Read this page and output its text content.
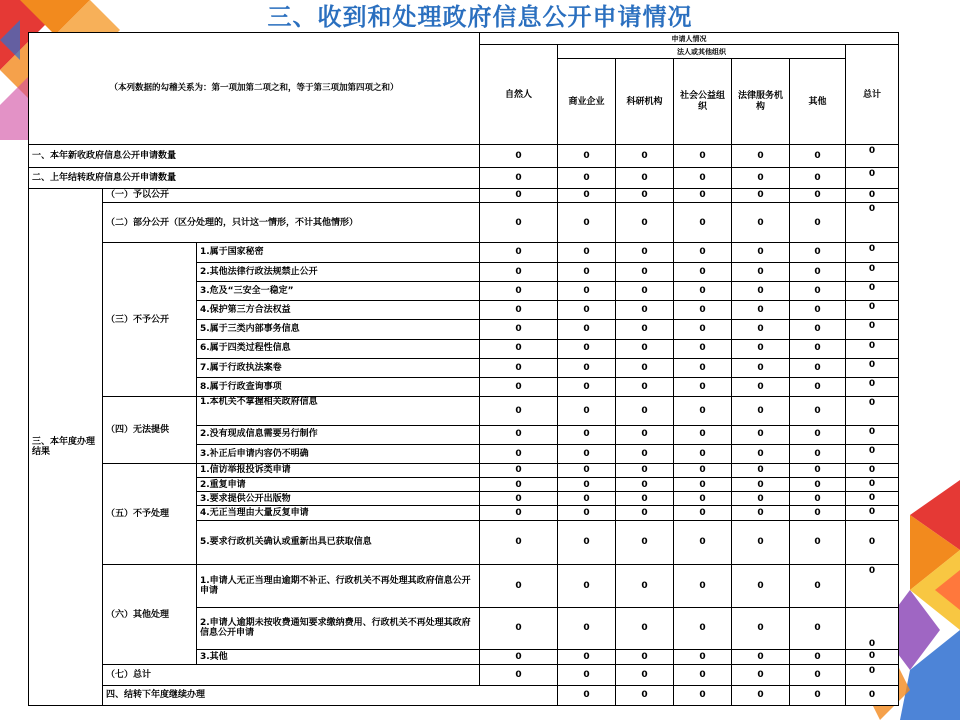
三、收到和处理政府信息公开申请情况
（本列数据的勾稽关系为：第一项加第二项之和，等于第三项加第四项之和）			申请人情况							
			自然人	法人或其他组织					总计	
				商业企业	科研机构	社会公益组织	法律服务机构	其他		
一、本年新收政府信息公开申请数量			0	0	0	0	0	0	0	
二、上年结转政府信息公开申请数量			0	0	0	0	0	0	0	
三、本年度办理结果	（一）予以公开		0	0	0	0	0	0	0	
	（二）部分公开（区分处理的，只计这一情形，不计其他情形）		0	0	0	0	0	0	0	
	（三）不予公开	1.属于国家秘密	0	0	0	0	0	0	0	
		2.其他法律行政法规禁止公开	0	0	0	0	0	0	0	
		3.危及“三安全一稳定”	0	0	0	0	0	0	0	
		4.保护第三方合法权益	0	0	0	0	0	0	0	
		5.属于三类内部事务信息	0	0	0	0	0	0	0	
		6.属于四类过程性信息	0	0	0	0	0	0	0	
		7.属于行政执法案卷	0	0	0	0	0	0	0	
		8.属于行政查询事项	0	0	0	0	0	0	0	
	（四）无法提供	1.本机关不掌握相关政府信息	0	0	0	0	0	0	0	
		2.没有现成信息需要另行制作	0	0	0	0	0	0	0	
		3.补正后申请内容仍不明确	0	0	0	0	0	0	0	
	（五）不予处理	1.信访举报投诉类申请	0	0	0	0	0	0	0	
		2.重复申请	0	0	0	0	0	0	0	
		3.要求提供公开出版物	0	0	0	0	0	0	0	
		4.无正当理由大量反复申请	0	0	0	0	0	0	0	
		5.要求行政机关确认或重新出具已获取信息	0	0	0	0	0	0	0	
	（六）其他处理	1.申请人无正当理由逾期不补正、行政机关不再处理其政府信息公开申请	0	0	0	0	0	0	0	
		2.申请人逾期未按收费通知要求缴纳费用、行政机关不再处理其政府信息公开申请	0	0	0	0	0	0	0	
		3.其他	0	0	0	0	0	0	0	
	（七）总计		0	0	0	0	0	0	0	
	四、结转下年度继续办理			0	0	0	0	0	0	
